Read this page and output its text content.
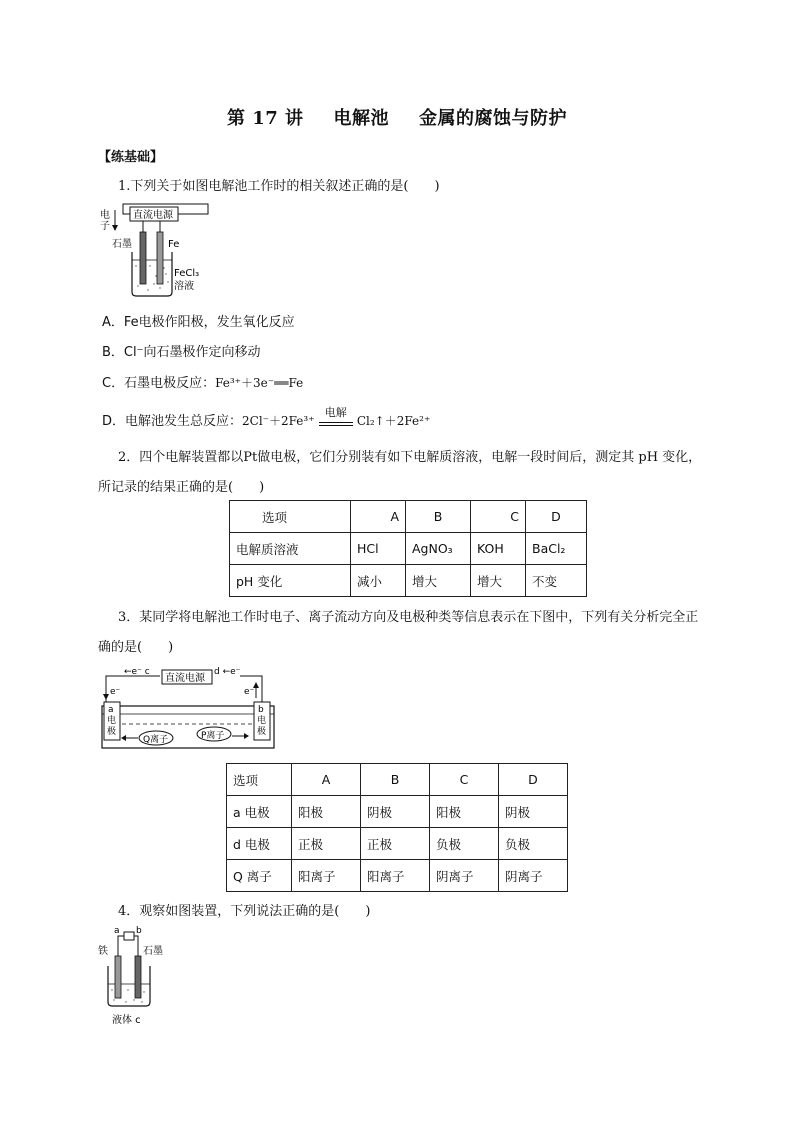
第 17 讲 电解池 金属的腐蚀与防护
【练基础】
1.下列关于如图电解池工作时的相关叙述正确的是(　　)
电
子
直流电源
石墨	Fe
FeCl₃
溶液
A．Fe电极作阳极，发生氧化反应
B．Cl⁻向石墨极作定向移动
C．石墨电极反应：Fe³⁺＋3e⁻══Fe
D．电解池发生总反应：2Cl⁻＋2Fe³⁺
电解
Cl₂↑＋2Fe²⁺
2．四个电解装置都以Pt做电极，它们分别装有如下电解质溶液，电解一段时间后，测定其 pH 变化，
所记录的结果正确的是(　　)
选项	A	B	C	D
电解质溶液	HCl	AgNO₃	KOH	BaCl₂
pH 变化	减小	增大	增大	不变
3．某同学将电解池工作时电子、离子流动方向及电极种类等信息表示在下图中，下列有关分析完全正
确的是(　　)
←e⁻ c
直流电源
d ←e⁻
e⁻	e⁻
a
电
极
b
电
极
Q离子	P离子
选项	A	B	C	D
a 电极	阳极	阴极	阳极	阴极
d 电极	正极	正极	负极	负极
Q 离子	阳离子	阳离子	阴离子	阴离子
4．观察如图装置，下列说法正确的是(　　)
a b
铁	石墨
液体 c
